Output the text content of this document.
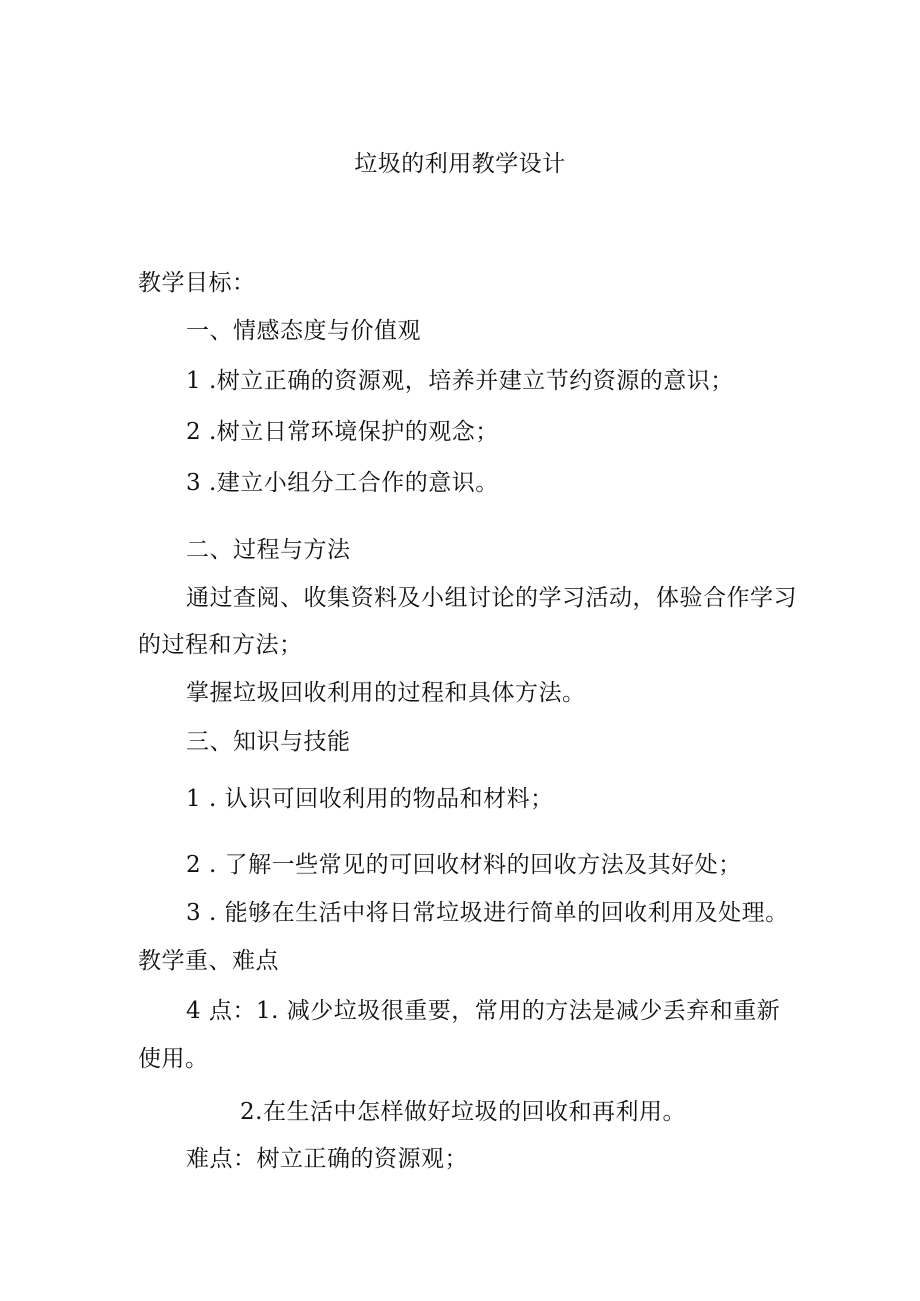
垃圾的利用教学设计
教学目标：
一、情感态度与价值观
1 .树立正确的资源观，培养并建立节约资源的意识；
2 .树立日常环境保护的观念；
3 .建立小组分工合作的意识。
二、过程与方法
通过查阅、收集资料及小组讨论的学习活动，体验合作学习
的过程和方法；
掌握垃圾回收利用的过程和具体方法。
三、知识与技能
1 . 认识可回收利用的物品和材料；
2 . 了解一些常见的可回收材料的回收方法及其好处；
3 . 能够在生活中将日常垃圾进行简单的回收利用及处理。
教学重、难点
4 点：1. 减少垃圾很重要，常用的方法是减少丢弃和重新
使用。
2.在生活中怎样做好垃圾的回收和再利用。
难点：树立正确的资源观；
